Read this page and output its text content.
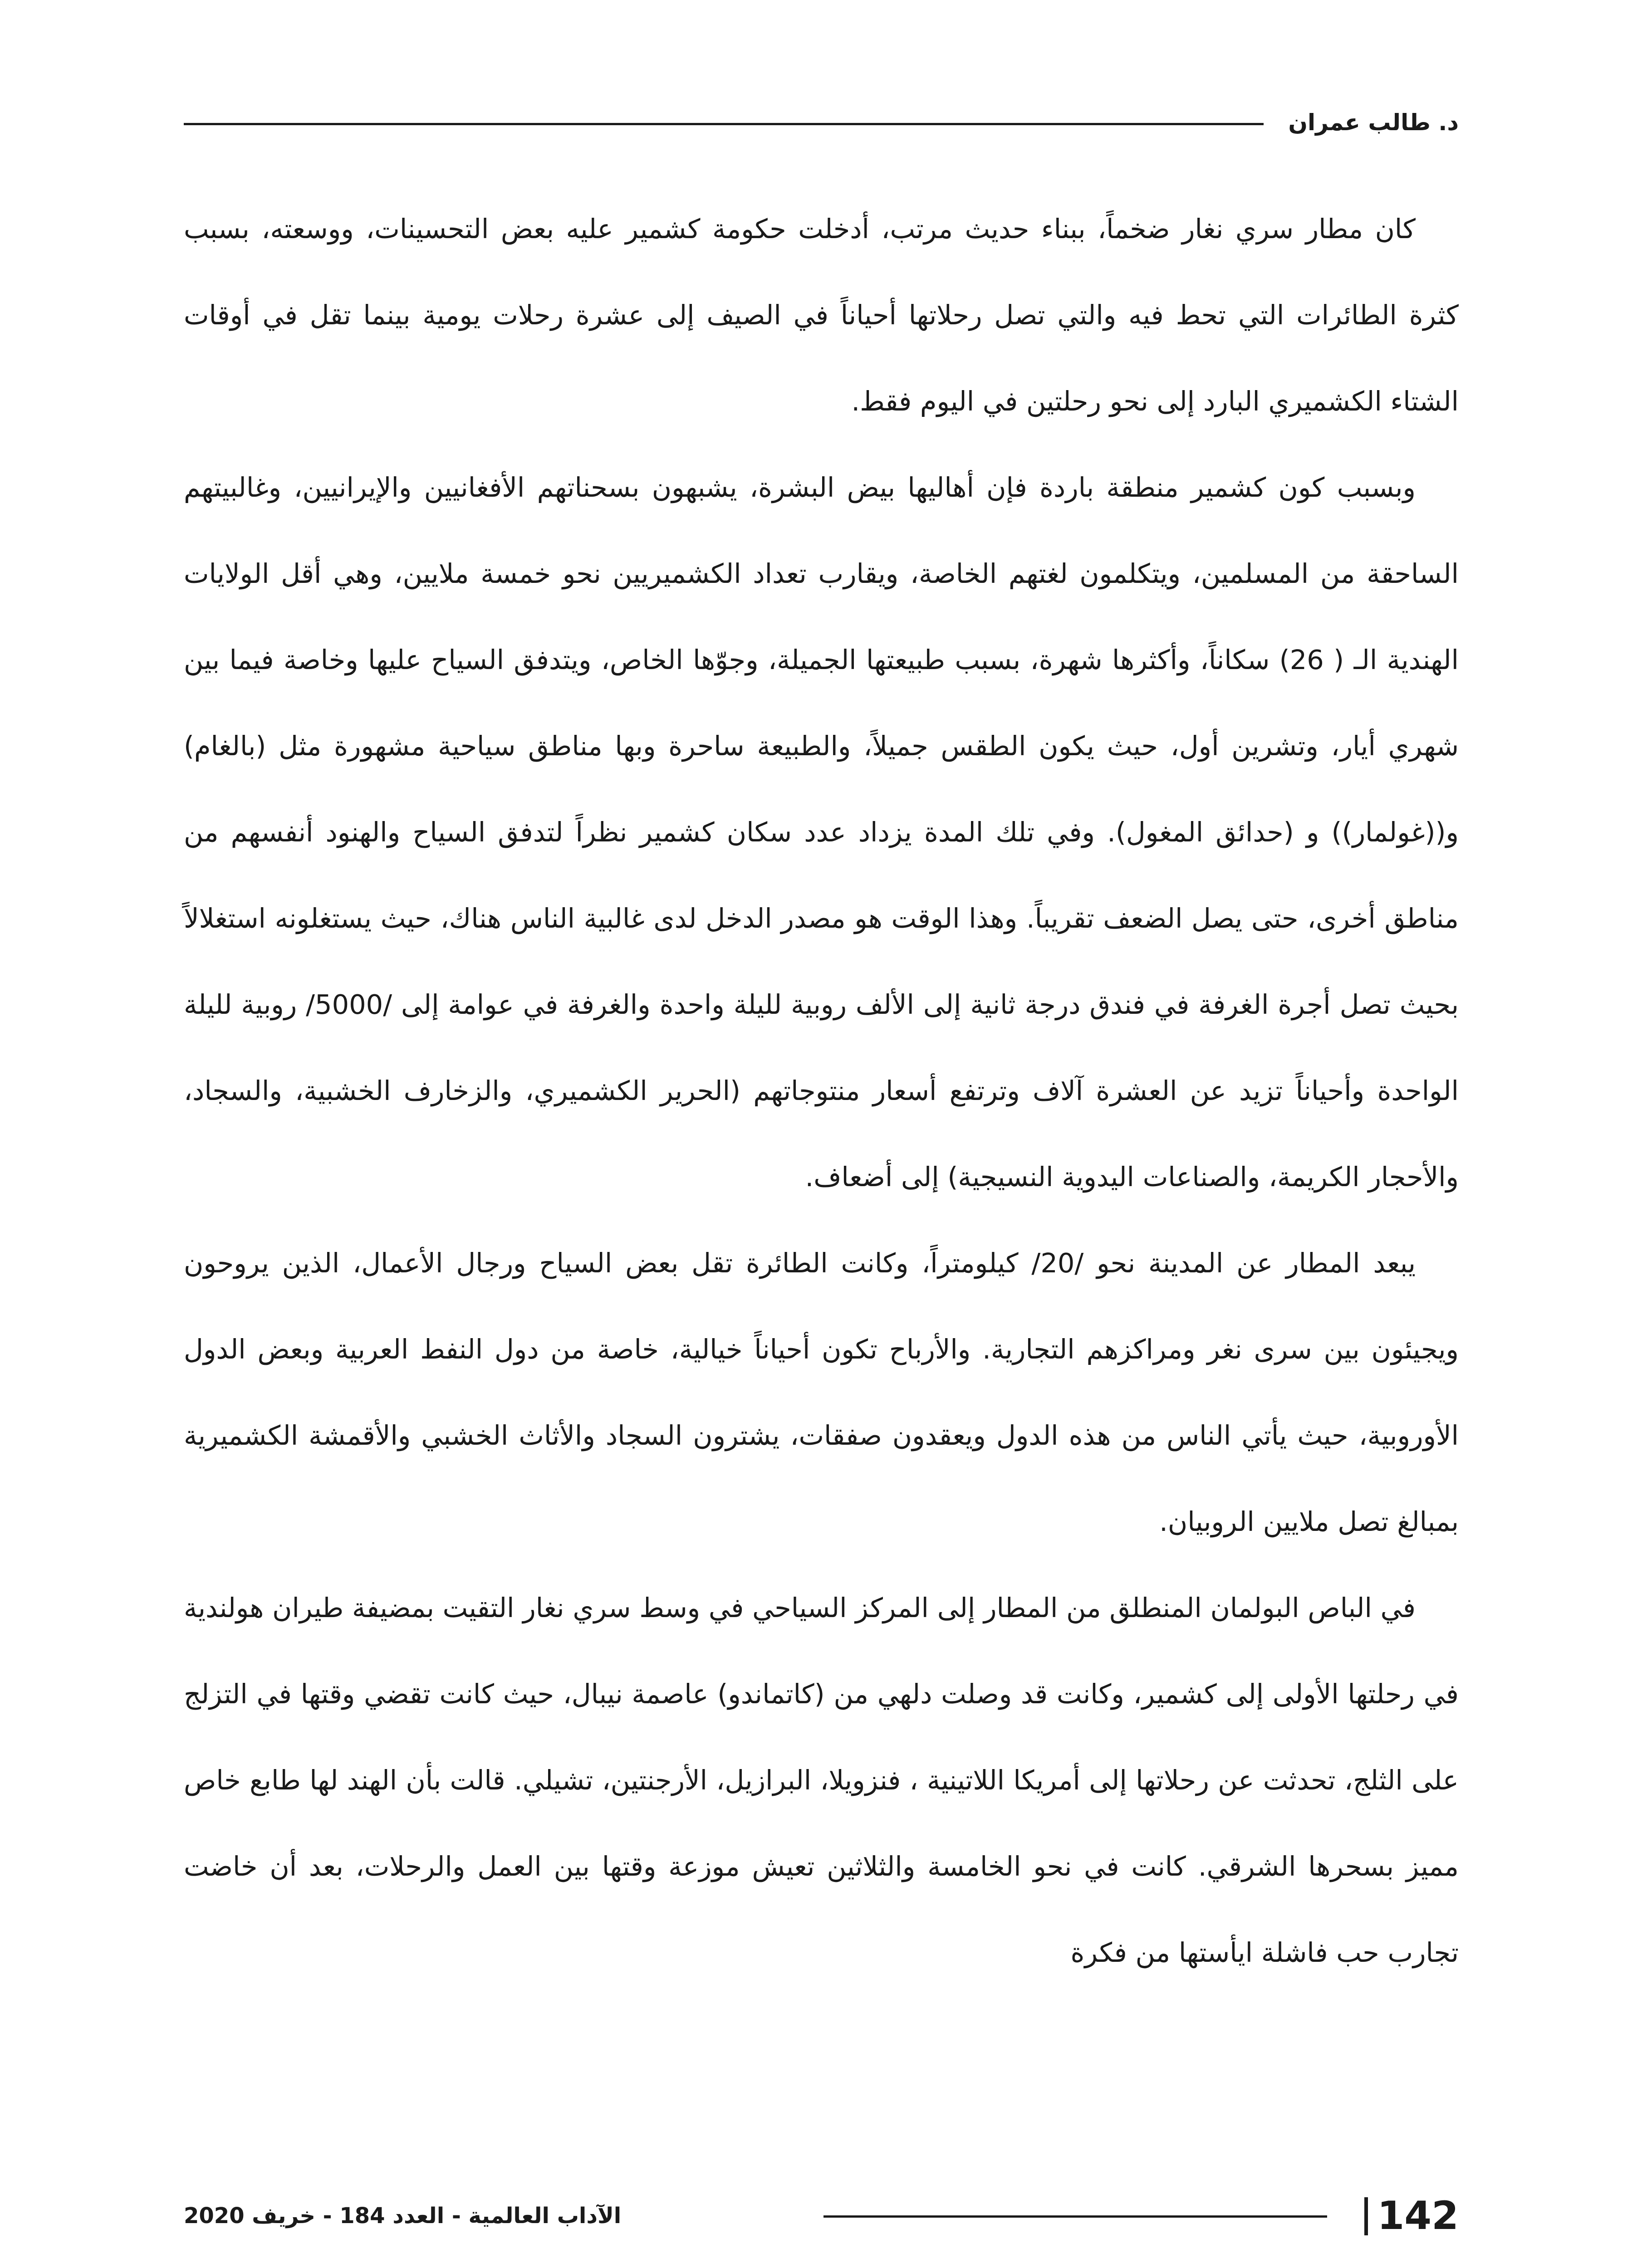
د. طالب عمران

كان مطار سري نغار ضخماً، ببناء حديث مرتب، أدخلت حكومة كشمير عليه بعض التحسينات، ووسعته، بسبب كثرة الطائرات التي تحط فيه والتي تصل رحلاتها أحياناً في الصيف إلى عشرة رحلات يومية بينما تقل في أوقات الشتاء الكشميري البارد إلى نحو رحلتين في اليوم فقط.

وبسبب كون كشمير منطقة باردة فإن أهاليها بيض البشرة، يشبهون بسحناتهم الأفغانيين والإيرانيين، وغالبيتهم الساحقة من المسلمين، ويتكلمون لغتهم الخاصة، ويقارب تعداد الكشميريين نحو خمسة ملايين، وهي أقل الولايات الهندية الـ ( 26) سكاناً، وأكثرها شهرة، بسبب طبيعتها الجميلة، وجوّها الخاص، ويتدفق السياح عليها وخاصة فيما بين شهري أيار، وتشرين أول، حيث يكون الطقس جميلاً، والطبيعة ساحرة وبها مناطق سياحية مشهورة مثل (بالغام) و((غولمار)) و (حدائق المغول). وفي تلك المدة يزداد عدد سكان كشمير نظراً لتدفق السياح والهنود أنفسهم من مناطق أخرى، حتى يصل الضعف تقريباً. وهذا الوقت هو مصدر الدخل لدى غالبية الناس هناك، حيث يستغلونه استغلالاً بحيث تصل أجرة الغرفة في فندق درجة ثانية إلى الألف روبية لليلة واحدة والغرفة في عوامة إلى /5000/ روبية لليلة الواحدة وأحياناً تزيد عن العشرة آلاف وترتفع أسعار منتوجاتهم (الحرير الكشميري، والزخارف الخشبية، والسجاد، والأحجار الكريمة، والصناعات اليدوية النسيجية) إلى أضعاف.

يبعد المطار عن المدينة نحو /20/ كيلومتراً، وكانت الطائرة تقل بعض السياح ورجال الأعمال، الذين يروحون ويجيئون بين سرى نغر ومراكزهم التجارية. والأرباح تكون أحياناً خيالية، خاصة من دول النفط العربية وبعض الدول الأوروبية، حيث يأتي الناس من هذه الدول ويعقدون صفقات، يشترون السجاد والأثاث الخشبي والأقمشة الكشميرية بمبالغ تصل ملايين الروبيان.

في الباص البولمان المنطلق من المطار إلى المركز السياحي في وسط سري نغار التقيت بمضيفة طيران هولندية في رحلتها الأولى إلى كشمير، وكانت قد وصلت دلهي من (كاتماندو) عاصمة نيبال، حيث كانت تقضي وقتها في التزلج على الثلج، تحدثت عن رحلاتها إلى أمريكا اللاتينية ، فنزويلا، البرازيل، الأرجنتين، تشيلي. قالت بأن الهند لها طابع خاص مميز بسحرها الشرقي. كانت في نحو الخامسة والثلاثين تعيش موزعة وقتها بين العمل والرحلات، بعد أن خاضت تجارب حب فاشلة ايأستها من فكرة

142
الآداب العالمية - العدد 184 - خريف 2020
